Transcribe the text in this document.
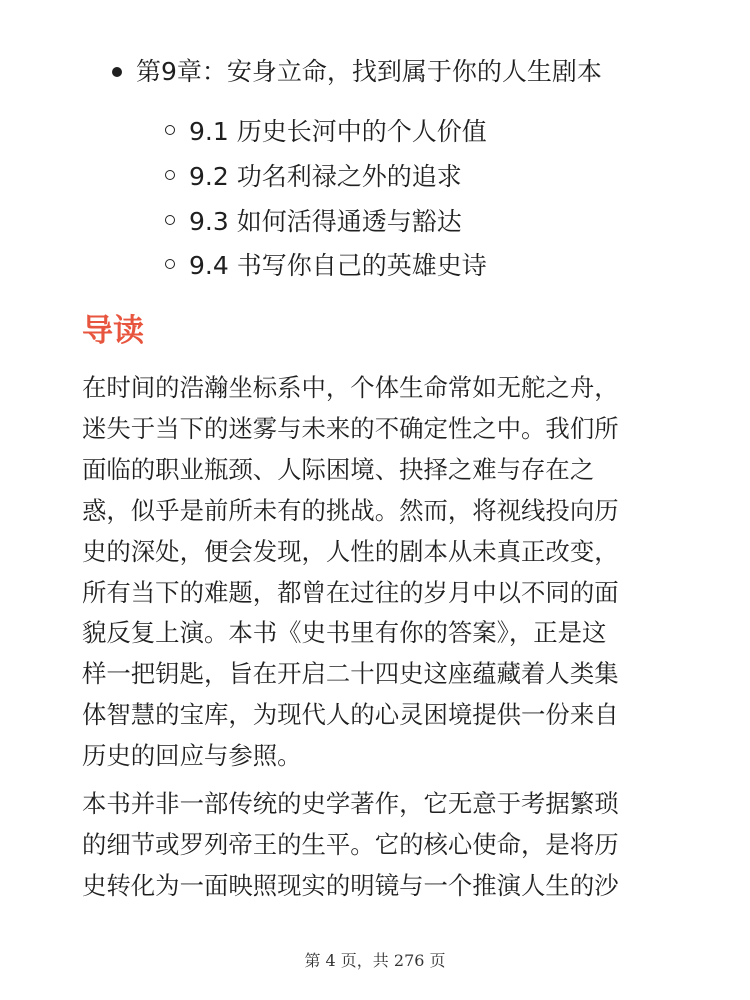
第9章：安身立命，找到属于你的人生剧本
9.1 历史长河中的个人价值
9.2 功名利禄之外的追求
9.3 如何活得通透与豁达
9.4 书写你自己的英雄史诗
导读

在时间的浩瀚坐标系中，个体生命常如无舵之舟，
迷失于当下的迷雾与未来的不确定性之中。我们所
面临的职业瓶颈、人际困境、抉择之难与存在之
惑，似乎是前所未有的挑战。然而，将视线投向历
史的深处，便会发现，人性的剧本从未真正改变，
所有当下的难题，都曾在过往的岁月中以不同的面
貌反复上演。本书《史书里有你的答案》，正是这
样一把钥匙，旨在开启二十四史这座蕴藏着人类集
体智慧的宝库，为现代人的心灵困境提供一份来自
历史的回应与参照。

本书并非一部传统的史学著作，它无意于考据繁琐
的细节或罗列帝王的生平。它的核心使命，是将历
史转化为一面映照现实的明镜与一个推演人生的沙

第 4 页，共 276 页
